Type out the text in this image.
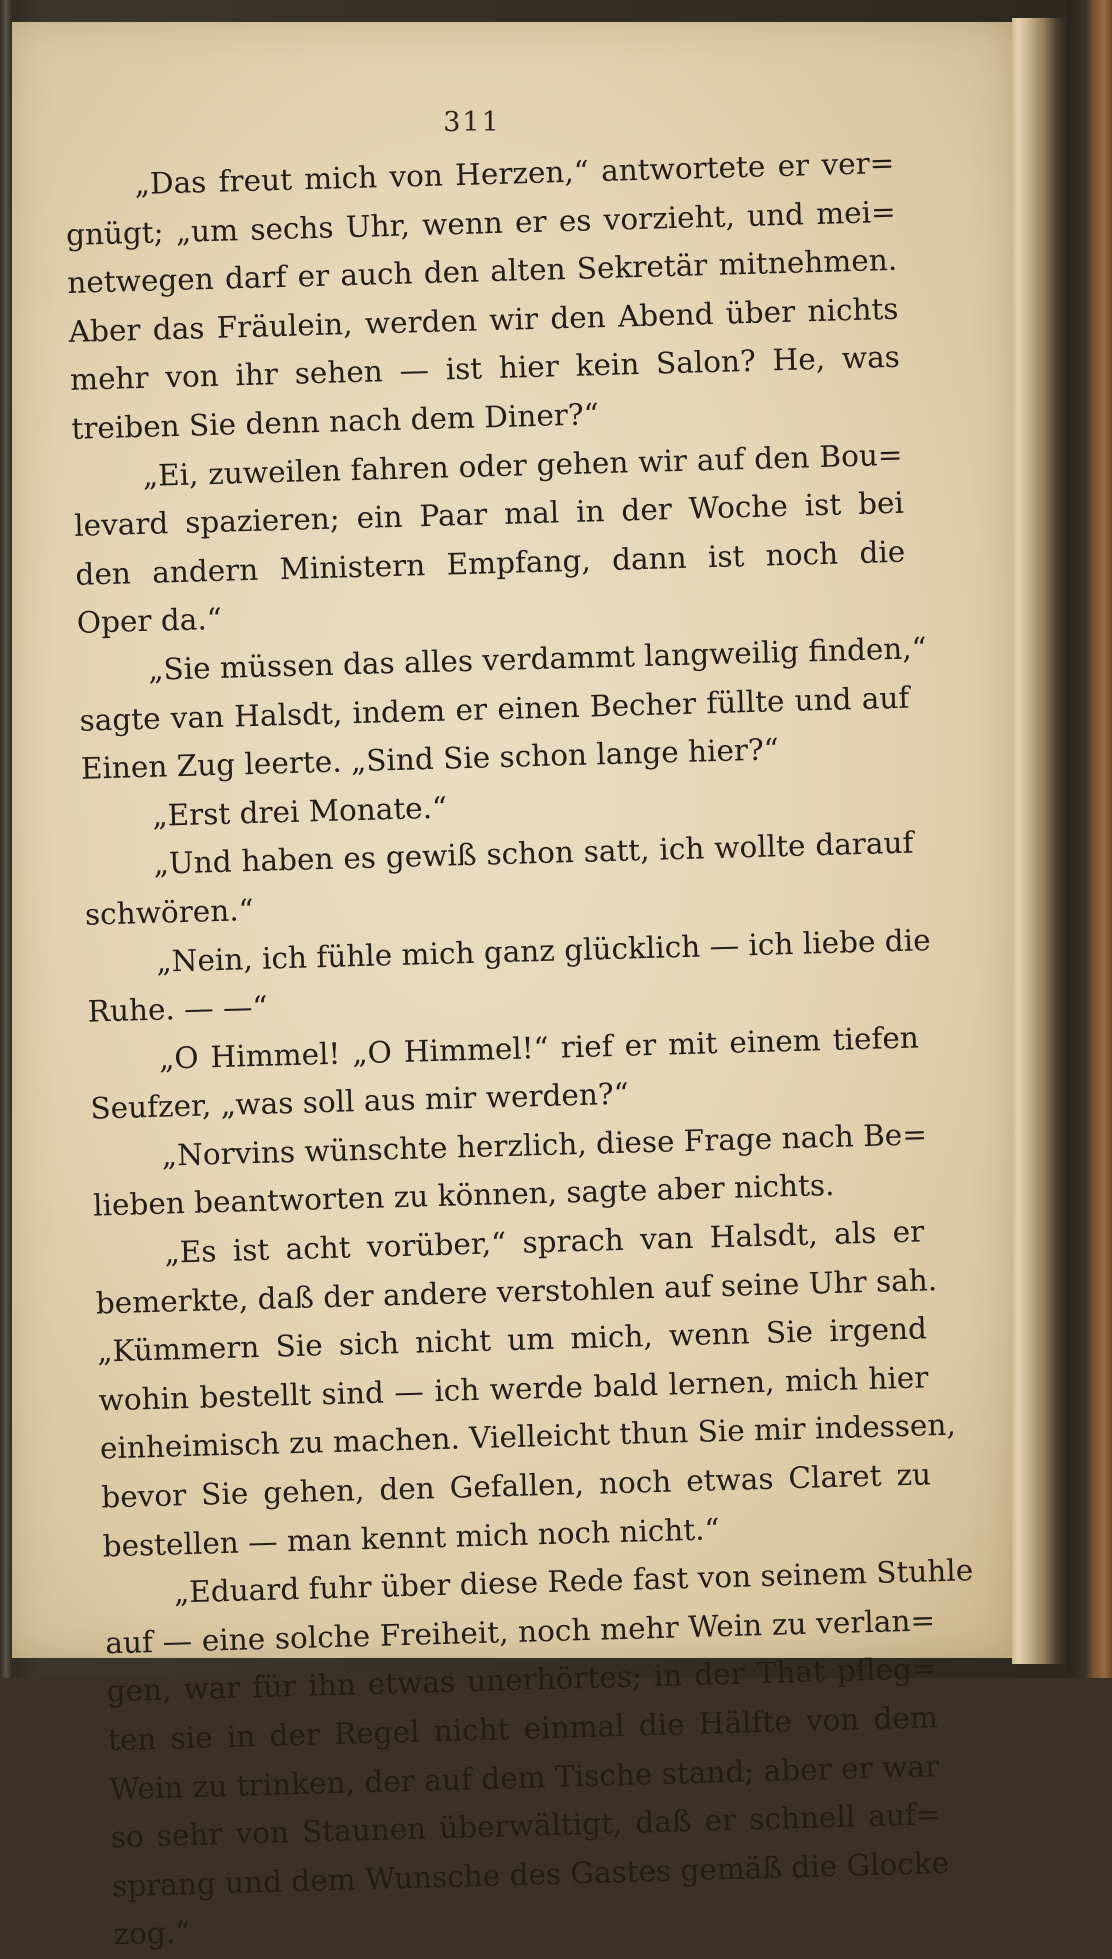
311
„Das freut mich von Herzen,“ antwortete er ver=
gnügt; „um sechs Uhr, wenn er es vorzieht, und mei=
netwegen darf er auch den alten Sekretär mitnehmen.
Aber das Fräulein, werden wir den Abend über nichts
mehr von ihr sehen — ist hier kein Salon? He, was
treiben Sie denn nach dem Diner?“
„Ei, zuweilen fahren oder gehen wir auf den Bou=
levard spazieren; ein Paar mal in der Woche ist bei
den andern Ministern Empfang, dann ist noch die
Oper da.“
„Sie müssen das alles verdammt langweilig finden,“
sagte van Halsdt, indem er einen Becher füllte und auf
Einen Zug leerte. „Sind Sie schon lange hier?“
„Erst drei Monate.“
„Und haben es gewiß schon satt, ich wollte darauf
schwören.“
„Nein, ich fühle mich ganz glücklich — ich liebe die
Ruhe. — —“
„O Himmel! „O Himmel!“ rief er mit einem tiefen
Seufzer, „was soll aus mir werden?“
„Norvins wünschte herzlich, diese Frage nach Be=
lieben beantworten zu können, sagte aber nichts.
„Es ist acht vorüber,“ sprach van Halsdt, als er
bemerkte, daß der andere verstohlen auf seine Uhr sah.
„Kümmern Sie sich nicht um mich, wenn Sie irgend
wohin bestellt sind — ich werde bald lernen, mich hier
einheimisch zu machen. Vielleicht thun Sie mir indessen,
bevor Sie gehen, den Gefallen, noch etwas Claret zu
bestellen — man kennt mich noch nicht.“
„Eduard fuhr über diese Rede fast von seinem Stuhle
auf — eine solche Freiheit, noch mehr Wein zu verlan=
gen, war für ihn etwas unerhörtes; in der That pfleg=
ten sie in der Regel nicht einmal die Hälfte von dem
Wein zu trinken, der auf dem Tische stand; aber er war
so sehr von Staunen überwältigt, daß er schnell auf=
sprang und dem Wunsche des Gastes gemäß die Glocke
zog.“
